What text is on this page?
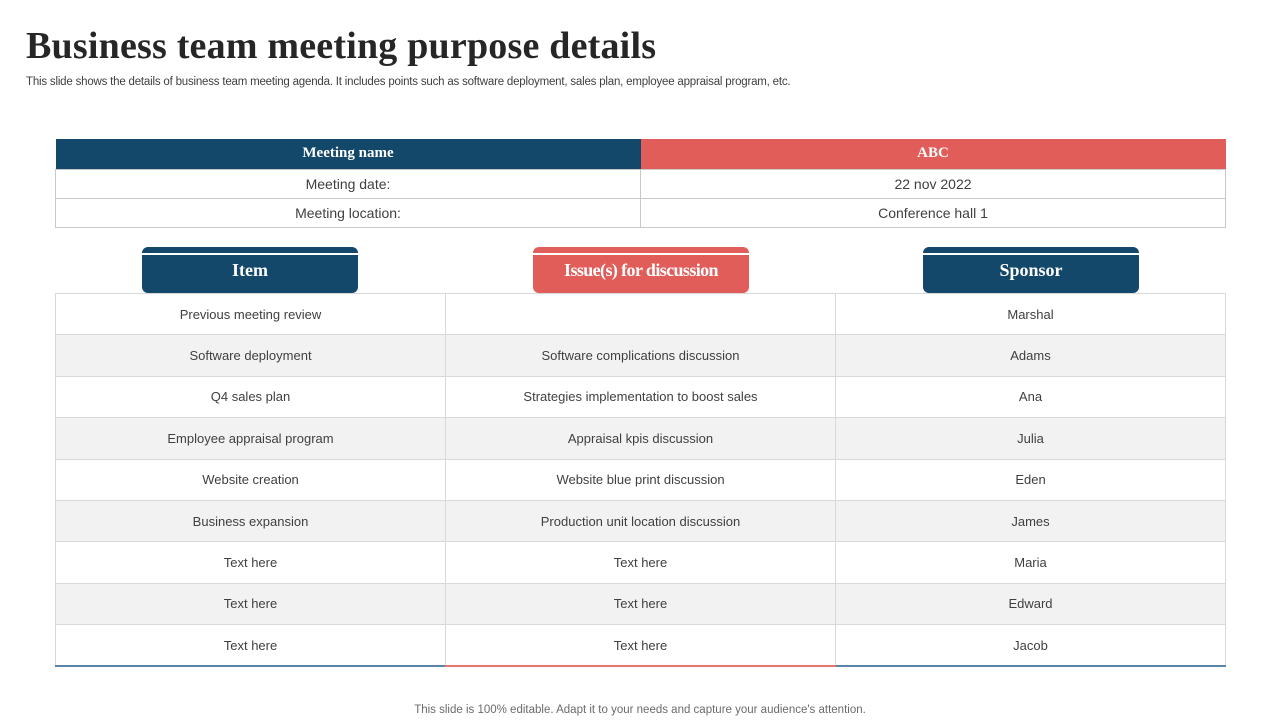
Business team meeting purpose details
This slide shows the details of business team meeting agenda. It includes points such as software deployment, sales plan, employee appraisal program, etc.
Meeting name	ABC
Meeting date:	22 nov 2022
Meeting location:	Conference hall 1
Item	Issue(s) for discussion	Sponsor
Previous meeting review		Marshal
Software deployment	Software complications discussion	Adams
Q4 sales plan	Strategies implementation to boost sales	Ana
Employee appraisal program	Appraisal kpis discussion	Julia
Website creation	Website blue print discussion	Eden
Business expansion	Production unit location discussion	James
Text here	Text here	Maria
Text here	Text here	Edward
Text here	Text here	Jacob
This slide is 100% editable. Adapt it to your needs and capture your audience's attention.
